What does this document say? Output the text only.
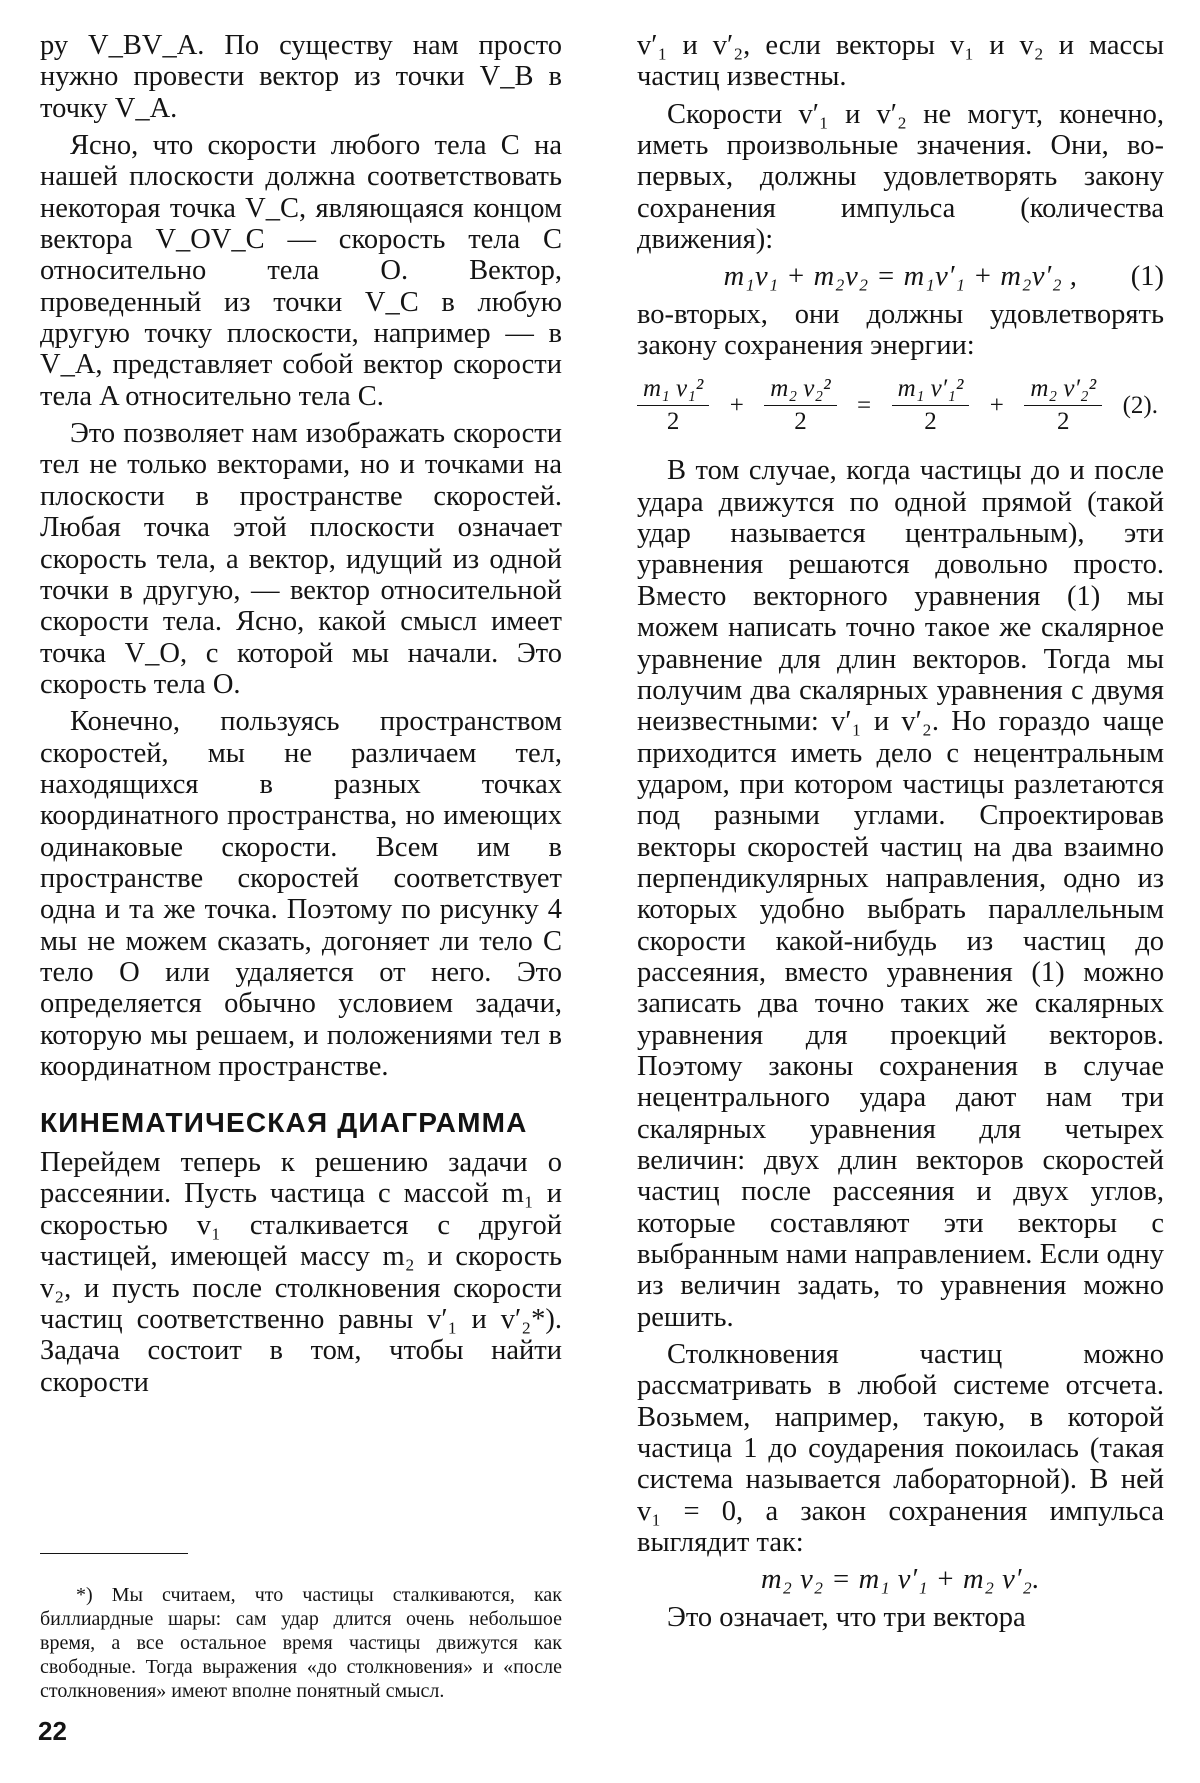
ру V_BV_A. По существу нам просто нужно провести вектор из точки V_B в точку V_A.

Ясно, что скорости любого тела C на нашей плоскости должна соответствовать некоторая точка V_C, являющаяся концом вектора V_OV_C — скорость тела C относительно тела O. Вектор, проведенный из точки V_C в любую другую точку плоскости, например — в V_A, представляет собой вектор скорости тела A относительно тела C.

Это позволяет нам изображать скорости тел не только векторами, но и точками на плоскости в пространстве скоростей. Любая точка этой плоскости означает скорость тела, а вектор, идущий из одной точки в другую, — вектор относительной скорости тела. Ясно, какой смысл имеет точка V_O, с которой мы начали. Это скорость тела O.

Конечно, пользуясь пространством скоростей, мы не различаем тел, находящихся в разных точках координатного пространства, но имеющих одинаковые скорости. Всем им в пространстве скоростей соответствует одна и та же точка. Поэтому по рисунку 4 мы не можем сказать, догоняет ли тело C тело O или удаляется от него. Это определяется обычно условием задачи, которую мы решаем, и положениями тел в координатном пространстве.

КИНЕМАТИЧЕСКАЯ ДИАГРАММА

Перейдем теперь к решению задачи о рассеянии. Пусть частица с массой m₁ и скоростью v₁ сталкивается с другой частицей, имеющей массу m₂ и скорость v₂, и пусть после столкновения скорости частиц соответственно равны v′₁ и v′₂*). Задача состоит в том, чтобы найти скорости

*) Мы считаем, что частицы сталкиваются, как биллиардные шары: сам удар длится очень небольшое время, а все остальное время частицы движутся как свободные. Тогда выражения «до столкновения» и «после столкновения» имеют вполне понятный смысл.

v′₁ и v′₂, если векторы v₁ и v₂ и массы частиц известны.

Скорости v′₁ и v′₂ не могут, конечно, иметь произвольные значения. Они, во-первых, должны удовлетворять закону сохранения импульса (количества движения):

m₁v₁ + m₂v₂ = m₁v′₁ + m₂v′₂ , (1)

во-вторых, они должны удовлетворять закону сохранения энергии:

$\frac{\text{m₁ v₁²}}{2} + \frac{\text{m₂ v₂²}}{2} = \frac{\text{m₁ v′₁²}}{2} + \frac{\text{m₂ v′₂²}}{2} (2)$.

В том случае, когда частицы до и после удара движутся по одной прямой (такой удар называется центральным), эти уравнения решаются довольно просто. Вместо векторного уравнения (1) мы можем написать точно такое же скалярное уравнение для длин векторов. Тогда мы получим два скалярных уравнения с двумя неизвестными: v′₁ и v′₂. Но гораздо чаще приходится иметь дело с нецентральным ударом, при котором частицы разлетаются под разными углами. Спроектировав векторы скоростей частиц на два взаимно перпендикулярных направления, одно из которых удобно выбрать параллельным скорости какой-нибудь из частиц до рассеяния, вместо уравнения (1) можно записать два точно таких же скалярных уравнения для проекций векторов. Поэтому законы сохранения в случае нецентрального удара дают нам три скалярных уравнения для четырех величин: двух длин векторов скоростей частиц после рассеяния и двух углов, которые составляют эти векторы с выбранным нами направлением. Если одну из величин задать, то уравнения можно решить.

Столкновения частиц можно рассматривать в любой системе отсчета. Возьмем, например, такую, в которой частица 1 до соударения покоилась (такая система называется лабораторной). В ней v₁ = 0, а закон сохранения импульса выглядит так:

m₂ v₂ = m₁ v′₁ + m₂ v′₂.

Это означает, что три вектора

22
